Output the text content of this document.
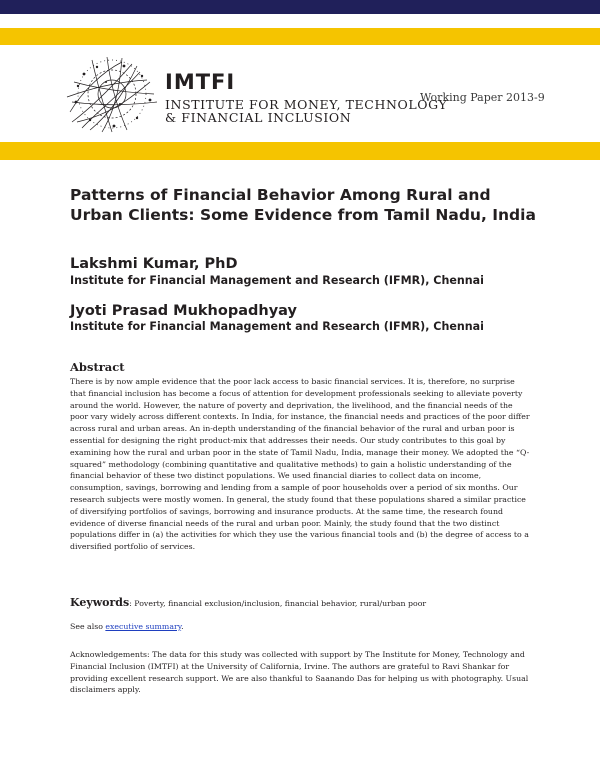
IMTFI
INSTITUTE FOR MONEY, TECHNOLOGY
& FINANCIAL INCLUSION
Working Paper 2013-9
Patterns of Financial Behavior Among Rural and Urban Clients: Some Evidence from Tamil Nadu, India
Lakshmi Kumar, PhD
Institute for Financial Management and Research (IFMR), Chennai
Jyoti Prasad Mukhopadhyay
Institute for Financial Management and Research (IFMR), Chennai
Abstract

There is by now ample evidence that the poor lack access to basic financial services. It is, therefore, no surprise that financial inclusion has become a focus of attention for development professionals seeking to alleviate poverty around the world. However, the nature of poverty and deprivation, the livelihood, and the financial needs of the poor vary widely across different contexts. In India, for instance, the financial needs and practices of the poor differ across rural and urban areas. An in-depth understanding of the financial behavior of the rural and urban poor is essential for designing the right product-mix that addresses their needs. Our study contributes to this goal by examining how the rural and urban poor in the state of Tamil Nadu, India, manage their money. We adopted the “Q-squared” methodology (combining quantitative and qualitative methods) to gain a holistic understanding of the financial behavior of these two distinct populations. We used financial diaries to collect data on income, consumption, savings, borrowing and lending from a sample of poor households over a period of six months. Our research subjects were mostly women. In general, the study found that these populations shared a similar practice of diversifying portfolios of savings, borrowing and insurance products. At the same time, the research found evidence of diverse financial needs of the rural and urban poor. Mainly, the study found that the two distinct populations differ in (a) the activities for which they use the various financial tools and (b) the degree of access to a diversified portfolio of services.

Keywords: Poverty, financial exclusion/inclusion, financial behavior, rural/urban poor
See also executive summary.

Acknowledgements: The data for this study was collected with support by The Institute for Money, Technology and Financial Inclusion (IMTFI) at the University of California, Irvine. The authors are grateful to Ravi Shankar for providing excellent research support. We are also thankful to Saanando Das for helping us with photography. Usual disclaimers apply.
